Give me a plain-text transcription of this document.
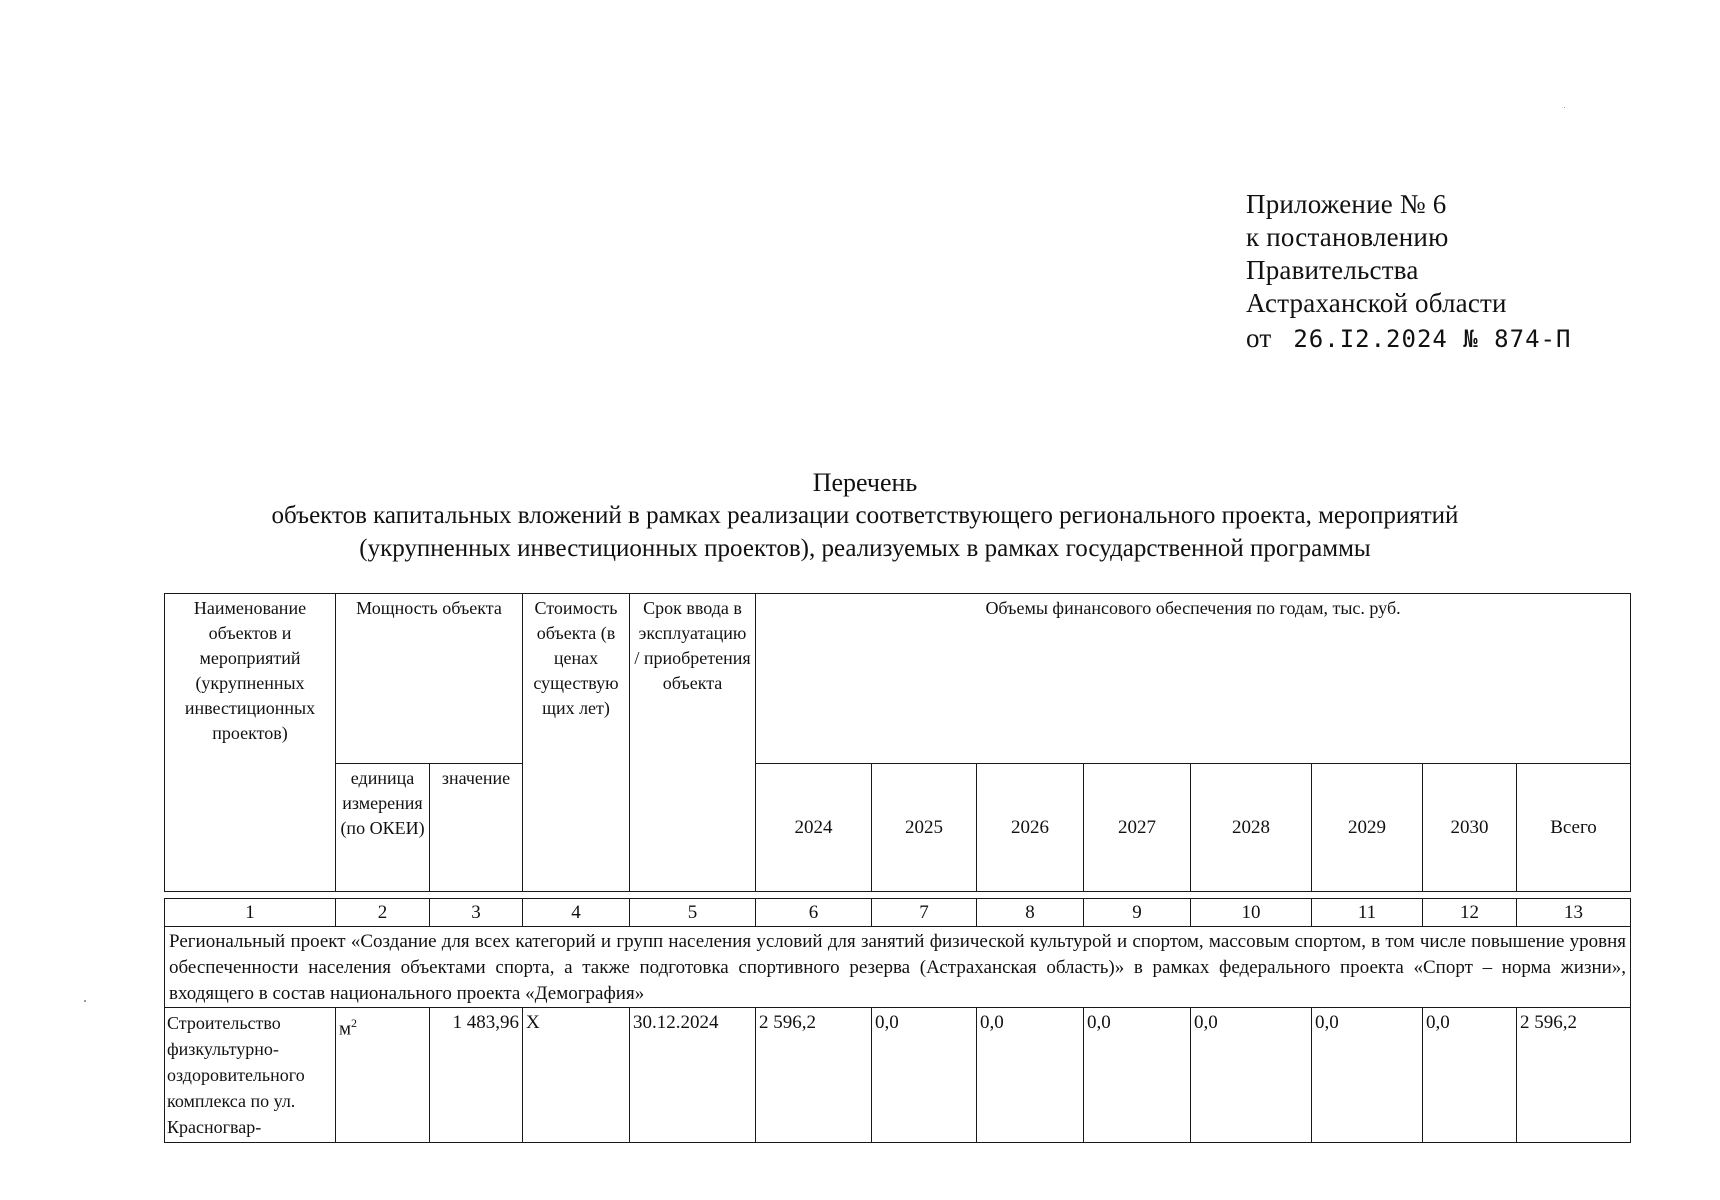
Приложение № 6
к постановлению
Правительства
Астраханской области
от 26.I2.2024 № 874-П
Перечень
объектов капитальных вложений в рамках реализации соответствующего регионального проекта, мероприятий
(укрупненных инвестиционных проектов), реализуемых в рамках государственной программы
Наименование объектов и мероприятий (укрупненных инвестиционных проектов)	Мощность объекта		Стоимость объекта (в ценах существующих лет)	Срок ввода в эксплуатацию / приобретения объекта	Объемы финансового обеспечения по годам, тыс. руб.							
	единица измерения (по ОКЕИ)	значение			2024	2025	2026	2027	2028	2029	2030	Всего

1	2	3	4	5	6	7	8	9	10	11	12	13
Региональный проект «Создание для всех категорий и групп населения условий для занятий физической культурой и спортом, массовым спортом, в том числе повышение уровня обеспеченности населения объектами спорта, а также подготовка спортивного резерва (Астраханская область)» в рамках федерального проекта «Спорт – норма жизни», входящего в состав национального проекта «Демография»												
Строительство физкультурно-оздоровительного комплекса по ул. Красногвар-	$м^2$	1 483,96	X	30.12.2024	2 596,2	0,0	0,0	0,0	0,0	0,0	0,0	2 596,2
